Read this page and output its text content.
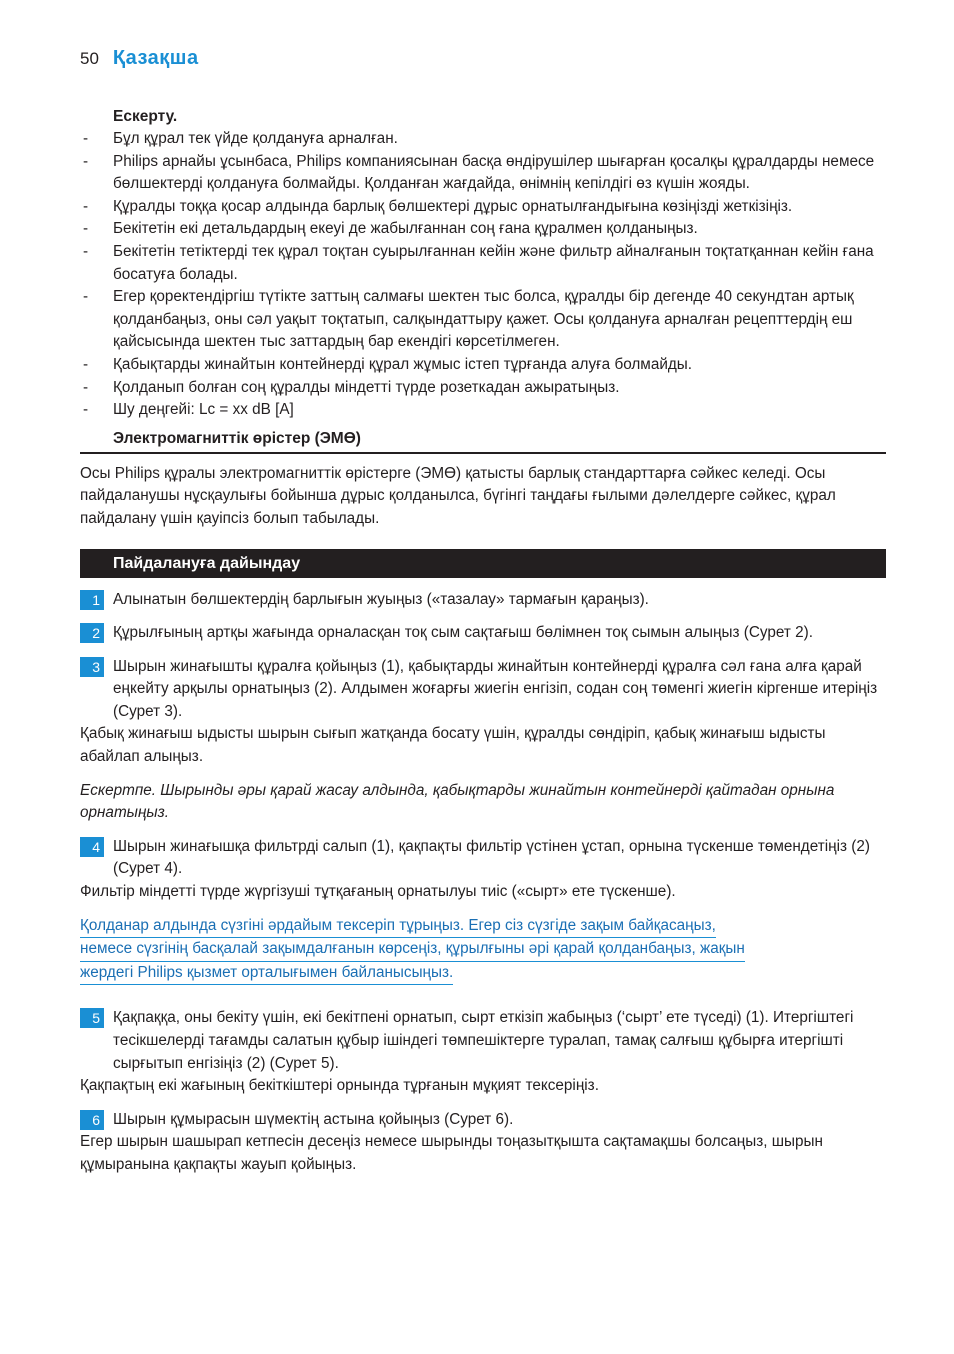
50 Қазақша
Ескерту.
- Бұл құрал тек үйде қолдануға арналған.
- Philips арнайы ұсынбаса, Philips компаниясынан басқа өндірушілер шығарған қосалқы құралдарды немесе бөлшектерді қолдануға болмайды. Қолданған жағдайда, өнімнің кепілдігі өз күшін жояды.
- Құралды тоққа қосар алдында барлық бөлшектері дұрыс орнатылғандығына көзіңізді жеткізіңіз.
- Бекітетін екі детальдардың екеуі де жабылғаннан соң ғана құралмен қолданыңыз.
- Бекітетін тетіктерді тек құрал тоқтан суырылғаннан кейін және фильтр айналғанын тоқтатқаннан кейін ғана босатуға болады.
- Егер қоректендіргіш түтікте заттың салмағы шектен тыс болса, құралды бір дегенде 40 секундтан артық қолданбаңыз, оны сәл уақыт тоқтатып, салқындаттыру қажет. Осы қолдануға арналған рецепттердің еш қайсысында шектен тыс заттардың бар екендігі көрсетілмеген.
- Қабықтарды жинайтын контейнерді құрал жұмыс істеп тұрғанда алуға болмайды.
- Қолданып болған соң құралды міндетті түрде розеткадан ажыратыңыз.
- Шу деңгейі: Lc = xx dB [A]
Электромагниттік өрістер (ЭМӨ)
Осы Philips құралы электромагниттік өрістерге (ЭМӨ) қатысты барлық стандарттарға сәйкес келеді. Осы пайдаланушы нұсқаулығы бойынша дұрыс қолданылса, бүгінгі таңдағы ғылыми дәлелдерге сәйкес, құрал пайдалану үшін қауіпсіз болып табылады.
Пайдалануға дайындау
1 Алынатын бөлшектердің барлығын жуыңыз («тазалау» тармағын қараңыз).
2 Құрылғының артқы жағында орналасқан тоқ сым сақтағыш бөлімнен тоқ сымын алыңыз (Сурет 2).
3 Шырын жинағышты құралға қойыңыз (1), қабықтарды жинайтын контейнерді құралға сәл ғана алға қарай еңкейту арқылы орнатыңыз (2). Алдымен жоғарғы жиегін енгізіп, содан соң төменгі жиегін кіргенше итеріңіз (Сурет 3).
Қабық жинағыш ыдысты шырын сығып жатқанда босату үшін, құралды сөндіріп, қабық жинағыш ыдысты абайлап алыңыз.
Ескертпе. Шырынды әры қарай жасау алдында, қабықтарды жинайтын контейнерді қайтадан орнына орнатыңыз.
4 Шырын жинағышқа фильтрді салып (1), қақпақты фильтір үстінен ұстап, орнына түскенше төмендетіңіз (2) (Сурет 4).
Фильтір міндетті түрде жүргізуші тұтқағаның орнатылуы тиіс («сырт» ете түскенше).
Қолданар алдында сүзгіні әрдайым тексеріп тұрыңыз. Егер сіз сүзгіде зақым байқасаңыз,
немесе сүзгінің басқалай зақымдалғанын көрсеңіз, құрылғыны әрі қарай қолданбаңыз, жақын
жердегі Philips қызмет орталығымен байланысыңыз.
5 Қақпаққа, оны бекіту үшін, екі бекітпені орнатып, сырт еткізіп жабыңыз (‘сырт’ ете түседі) (1). Итергіштегі тесікшелерді тағамды салатын құбыр ішіндегі төмпешіктерге туралап, тамақ салғыш құбырға итергішті сырғытып енгізіңіз (2) (Сурет 5).
Қақпақтың екі жағының бекіткіштері орнында тұрғанын мұқият тексеріңіз.
6 Шырын құмырасын шүмектің астына қойыңыз (Сурет 6).
Егер шырын шашырап кетпесін десеңіз немесе шырынды тоңазытқышта сақтамақшы болсаңыз, шырын құмыранына қақпақты жауып қойыңыз.
